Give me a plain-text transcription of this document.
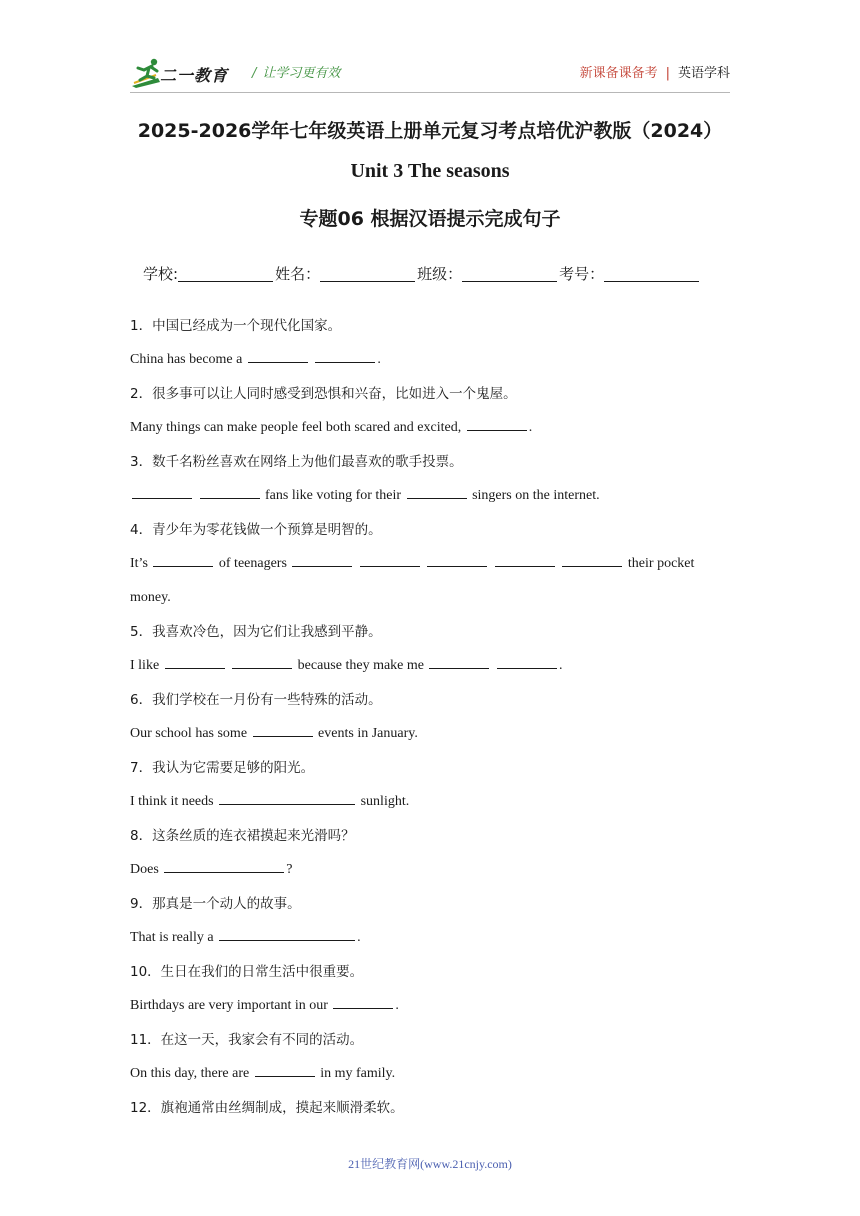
二一教育 / 让学习更有效	新课备课备考 | 英语学科
2025-2026学年七年级英语上册单元复习考点培优沪教版（2024）
Unit 3 The seasons
专题06 根据汉语提示完成句子
学校:	姓名：	班级：	考号：
1．中国已经成为一个现代化国家。
China has become a	.
2．很多事可以让人同时感受到恐惧和兴奋，比如进入一个鬼屋。
Many things can make people feel both scared and excited,	.
3．数千名粉丝喜欢在网络上为他们最喜欢的歌手投票。
fans like voting for their	singers on the internet.
4．青少年为零花钱做一个预算是明智的。
It’s	of teenagers	their pocket
money.
5．我喜欢冷色，因为它们让我感到平静。
I like	because they make me	.
6．我们学校在一月份有一些特殊的活动。
Our school has some	events in January.
7．我认为它需要足够的阳光。
I think it needs	sunlight.
8．这条丝质的连衣裙摸起来光滑吗？
Does	?
9．那真是一个动人的故事。
That is really a	.
10．生日在我们的日常生活中很重要。
Birthdays are very important in our	.
11．在这一天，我家会有不同的活动。
On this day, there are	in my family.
12．旗袍通常由丝绸制成，摸起来顺滑柔软。
21世纪教育网(www.21cnjy.com)
